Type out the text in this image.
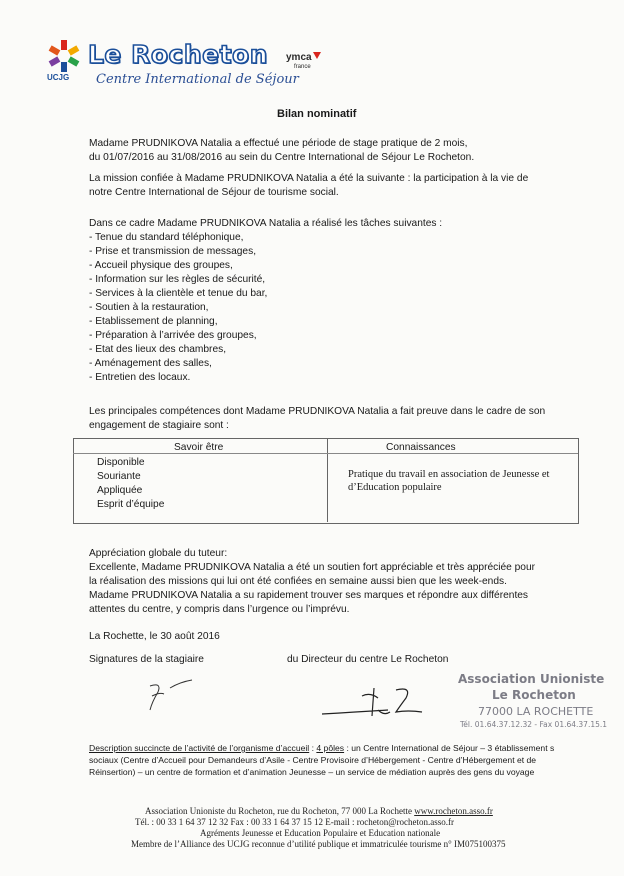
UCJG
Le Rocheton ymca
france
Centre International de Séjour
Bilan nominatif
Madame PRUDNIKOVA Natalia a effectué une période de stage pratique de 2 mois,
du 01/07/2016 au 31/08/2016 au sein du Centre International de Séjour Le Rocheton.
La mission confiée à Madame PRUDNIKOVA Natalia a été la suivante : la participation à la vie de
notre Centre International de Séjour de tourisme social.
Dans ce cadre Madame PRUDNIKOVA Natalia a réalisé les tâches suivantes :
- Tenue du standard téléphonique,
- Prise et transmission de messages,
- Accueil physique des groupes,
- Information sur les règles de sécurité,
- Services à la clientèle et tenue du bar,
- Soutien à la restauration,
- Etablissement de planning,
- Préparation à l’arrivée des groupes,
- Etat des lieux des chambres,
- Aménagement des salles,
- Entretien des locaux.
Les principales compétences dont Madame PRUDNIKOVA Natalia a fait preuve dans le cadre de son
engagement de stagiaire sont :
Savoir être	Connaissances
Disponible
Souriante
Appliquée
Esprit d’équipe
Pratique du travail en association de Jeunesse et
d’Education populaire
Appréciation globale du tuteur:
Excellente, Madame PRUDNIKOVA Natalia a été un soutien fort appréciable et très appréciée pour
la réalisation des missions qui lui ont été confiées en semaine aussi bien que les week-ends.
Madame PRUDNIKOVA Natalia a su rapidement trouver ses marques et répondre aux différentes
attentes du centre, y compris dans l’urgence ou l’imprévu.
La Rochette, le 30 août 2016
Signatures de la stagiaire	du Directeur du centre Le Rocheton
Association Unioniste
Le Rocheton
77000 LA ROCHETTE
Tél. 01.64.37.12.32 - Fax 01.64.37.15.1
Description succincte de l’activité de l’organisme d’accueil : 4 pôles : un Centre International de Séjour – 3 établissement s
sociaux (Centre d’Accueil pour Demandeurs d’Asile - Centre Provisoire d’Hébergement - Centre d’Hébergement et de
Réinsertion) – un centre de formation et d’animation Jeunesse – un service de médiation auprès des gens du voyage
Association Unioniste du Rocheton, rue du Rocheton, 77 000 La Rochette www.rocheton.asso.fr
Tél. : 00 33 1 64 37 12 32 Fax : 00 33 1 64 37 15 12 E-mail : rocheton@rocheton.asso.fr
Agréments Jeunesse et Education Populaire et Education nationale
Membre de l’Alliance des UCJG reconnue d’utilité publique et immatriculée tourisme n° IM075100375
